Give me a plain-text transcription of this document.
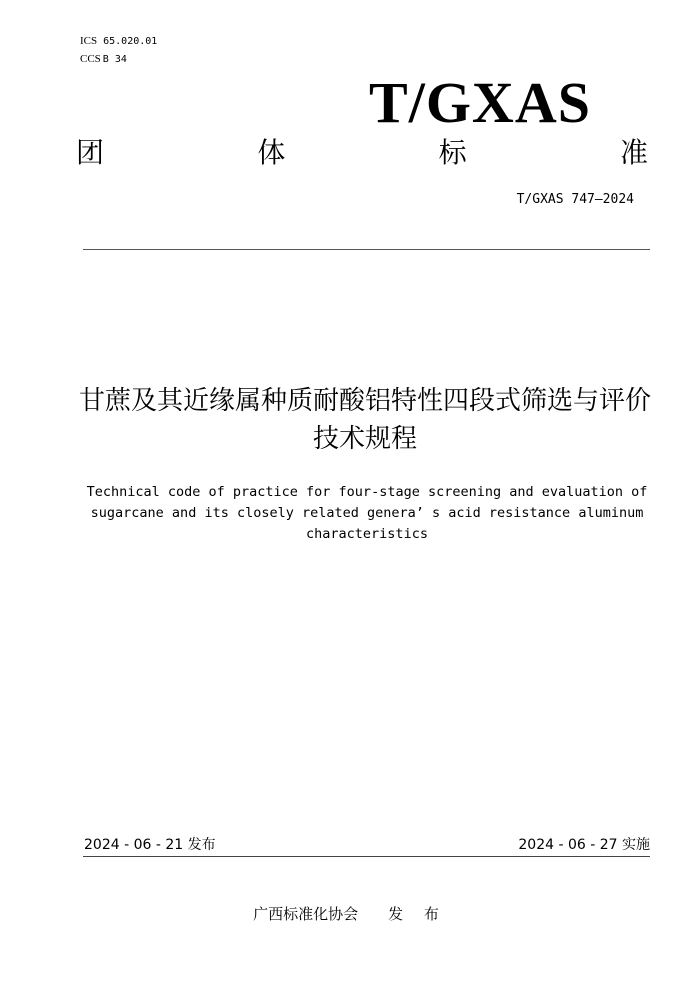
ICS 65.020.01
CCS B 34
T/GXAS
团	体	标	准
T/GXAS 747—2024
甘蔗及其近缘属种质耐酸铝特性四段式筛选与评价技术规程
Technical code of practice for four-stage screening and evaluation of sugarcane and its closely related genera’ s acid resistance aluminum characteristics
2024 - 06 - 21 发布	2024 - 06 - 27 实施
广西标准化协会 发 布
